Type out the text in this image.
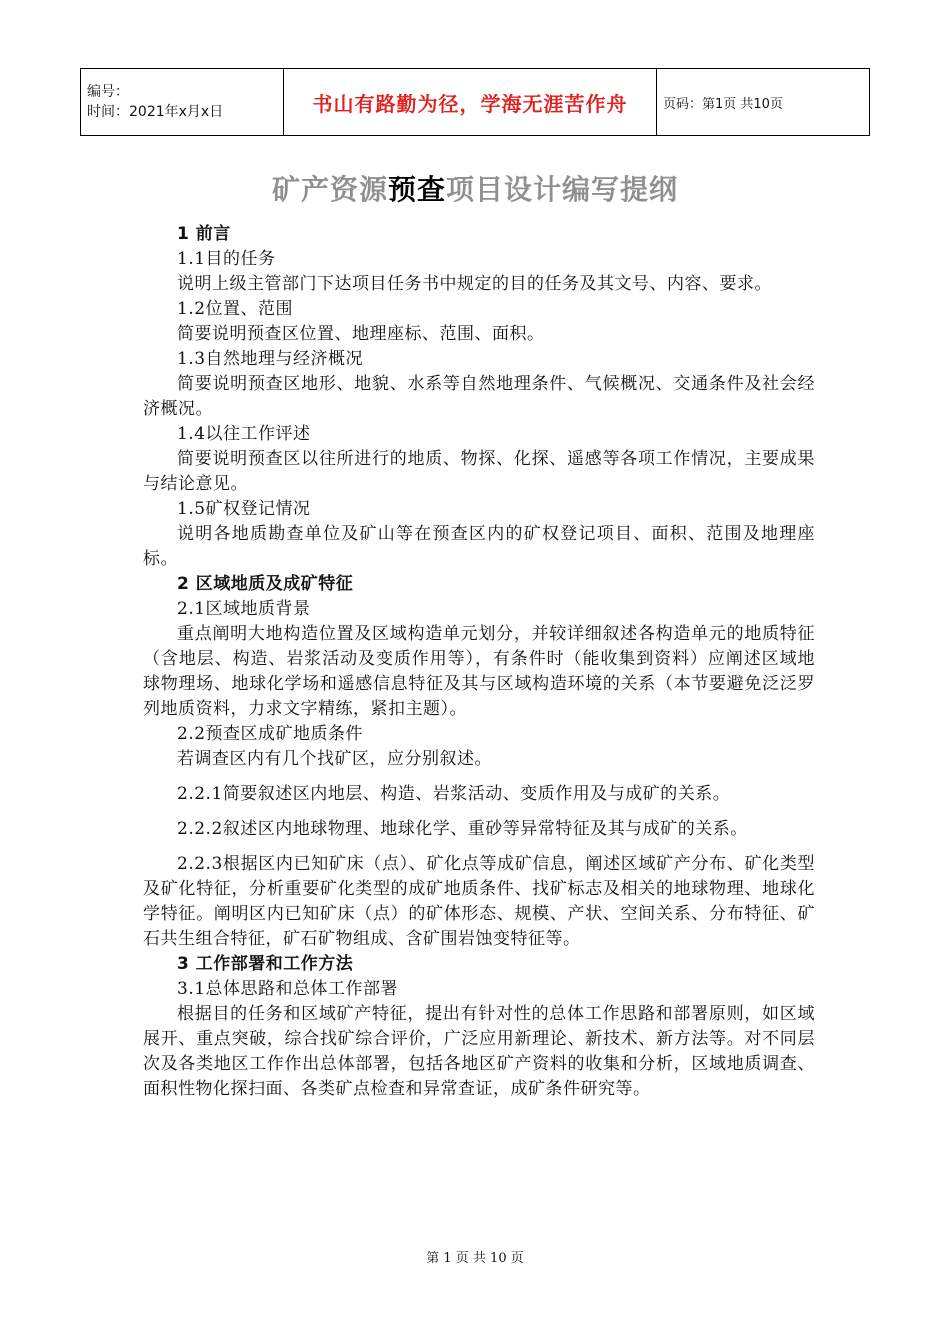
编号：
时间：2021年x月x日	书山有路勤为径，学海无涯苦作舟	页码：第1页 共10页
矿产资源预查项目设计编写提纲

1 前言

1.1目的任务

说明上级主管部门下达项目任务书中规定的目的任务及其文号、内容、要求。

1.2位置、范围

简要说明预查区位置、地理座标、范围、面积。

1.3自然地理与经济概况

简要说明预查区地形、地貌、水系等自然地理条件、气候概况、交通条件及社会经济概况。

1.4以往工作评述

简要说明预查区以往所进行的地质、物探、化探、遥感等各项工作情况，主要成果与结论意见。

1.5矿权登记情况

说明各地质勘查单位及矿山等在预查区内的矿权登记项目、面积、范围及地理座标。

2 区域地质及成矿特征

2.1区域地质背景

重点阐明大地构造位置及区域构造单元划分，并较详细叙述各构造单元的地质特征（含地层、构造、岩浆活动及变质作用等），有条件时（能收集到资料）应阐述区域地球物理场、地球化学场和遥感信息特征及其与区域构造环境的关系（本节要避免泛泛罗列地质资料，力求文字精练，紧扣主题）。

2.2预查区成矿地质条件

若调查区内有几个找矿区，应分别叙述。

2.2.1简要叙述区内地层、构造、岩浆活动、变质作用及与成矿的关系。

2.2.2叙述区内地球物理、地球化学、重砂等异常特征及其与成矿的关系。

2.2.3根据区内已知矿床（点）、矿化点等成矿信息，阐述区域矿产分布、矿化类型及矿化特征，分析重要矿化类型的成矿地质条件、找矿标志及相关的地球物理、地球化学特征。阐明区内已知矿床（点）的矿体形态、规模、产状、空间关系、分布特征、矿石共生组合特征，矿石矿物组成、含矿围岩蚀变特征等。

3 工作部署和工作方法

3.1总体思路和总体工作部署

根据目的任务和区域矿产特征，提出有针对性的总体工作思路和部署原则，如区域展开、重点突破，综合找矿综合评价，广泛应用新理论、新技术、新方法等。对不同层次及各类地区工作作出总体部署，包括各地区矿产资料的收集和分析，区域地质调查、面积性物化探扫面、各类矿点检查和异常查证，成矿条件研究等。

第 1 页 共 10 页
